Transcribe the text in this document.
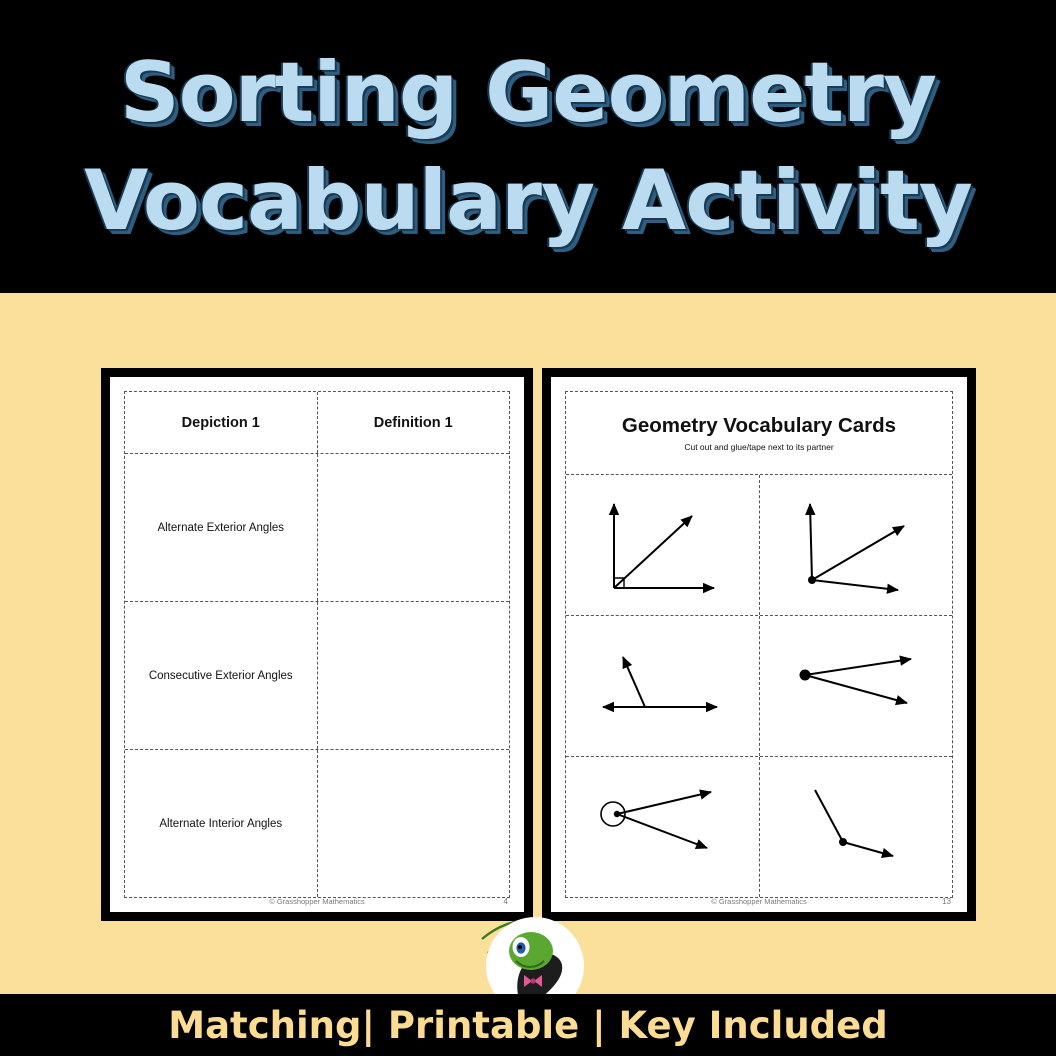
Sorting Geometry
Vocabulary Activity
Depiction 1	Definition 1
Alternate Exterior Angles
Consecutive Exterior Angles
Alternate Interior Angles
© Grasshopper Mathematics	4
Geometry Vocabulary Cards
Cut out and glue/tape next to its partner
© Grasshopper Mathematics	13
Matching| Printable | Key Included
